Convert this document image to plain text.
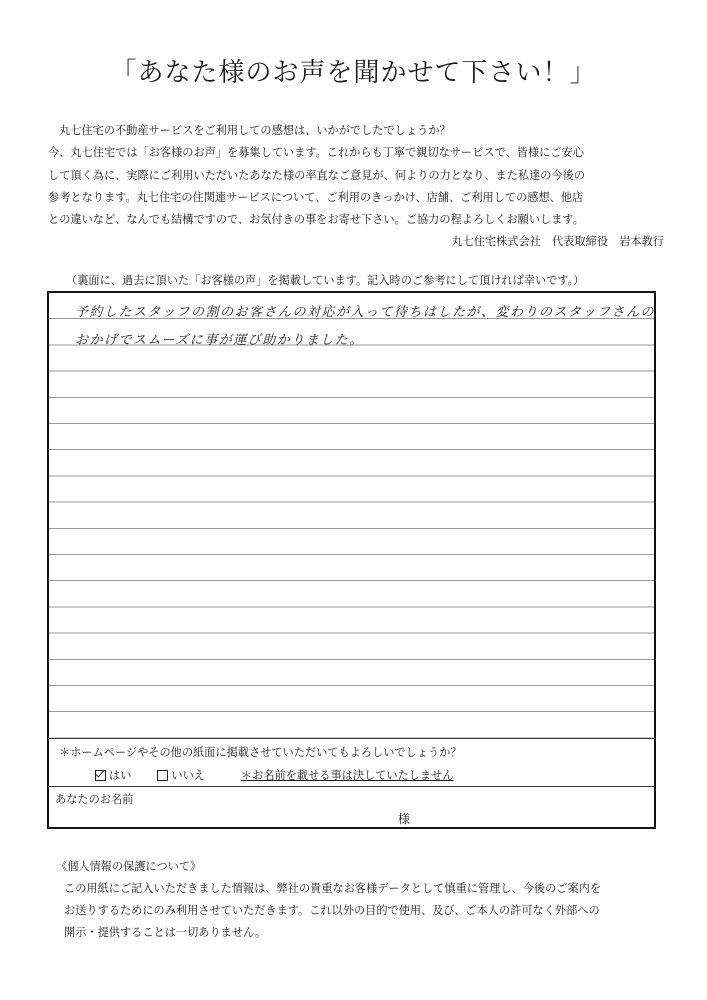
「あなた様のお声を聞かせて下さい！」

丸七住宅の不動産サービスをご利用しての感想は、いかがでしたでしょうか？

今、丸七住宅では「お客様のお声」を募集しています。これからも丁寧で親切なサービスで、皆様にご安心

して頂く為に、実際にご利用いただいたあなた様の率直なご意見が、何よりの力となり、また私達の今後の

参考となります。丸七住宅の住関連サービスについて、ご利用のきっかけ、店舗、ご利用しての感想、他店

との違いなど、なんでも結構ですので、お気付きの事をお寄せ下さい。ご協力の程よろしくお願いします。

丸七住宅株式会社　代表取締役　岩本教行

（裏面に、過去に頂いた「お客様の声」を掲載しています。記入時のご参考にして頂ければ幸いです。）
予約したスタッフの割のお客さんの対応が入って待ちはしたが、変わりのスタッフさんの
おかげでスムーズに事が運び助かりました。
＊ホームページやその他の紙面に掲載させていただいてもよろしいでしょうか？
はい	いいえ	＊お名前を載せる事は決していたしません
あなたのお名前
様

《個人情報の保護について》

この用紙にご記入いただきました情報は、弊社の貴重なお客様データとして慎重に管理し、今後のご案内を

お送りするためにのみ利用させていただきます。これ以外の目的で使用、及び、ご本人の許可なく外部への

開示・提供することは一切ありません。
